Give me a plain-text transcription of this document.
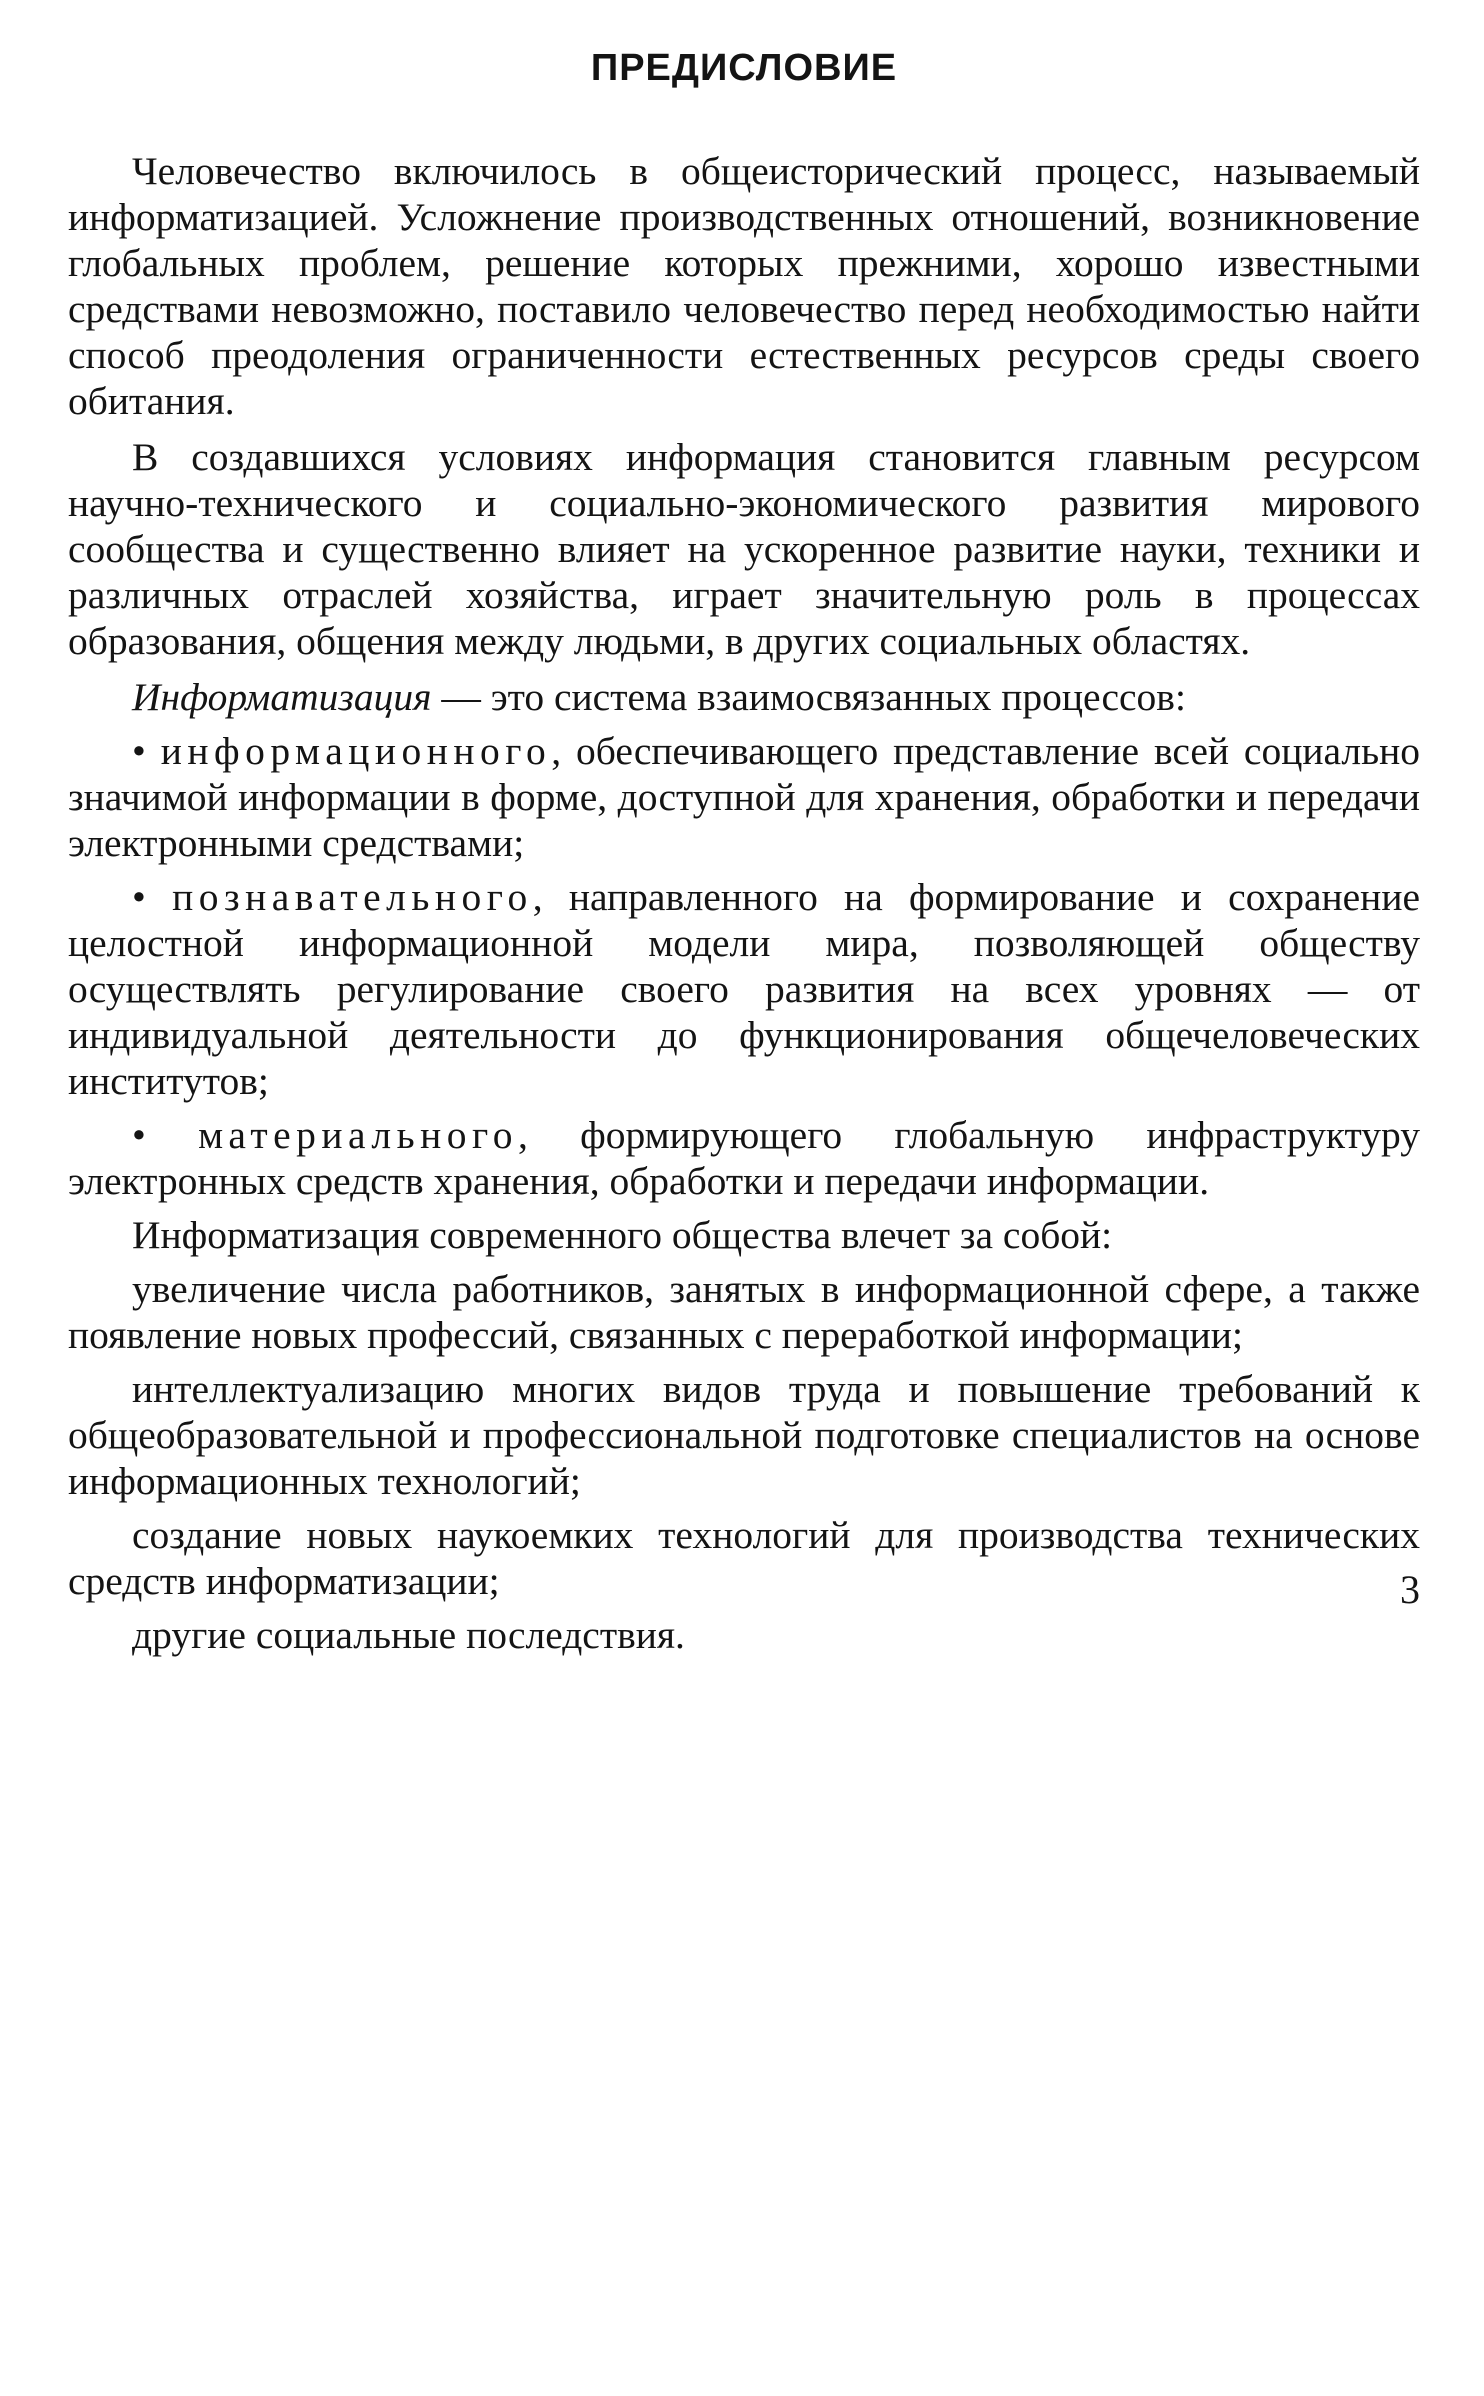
ПРЕДИСЛОВИЕ

Человечество включилось в общеисторический процесс, называемый информатизацией. Усложнение производственных отношений, возникновение глобальных проблем, решение которых прежними, хорошо известными средствами невозможно, поставило человечество перед необходимостью найти способ преодоления ограниченности естественных ресурсов среды своего обитания.

В создавшихся условиях информация становится главным ресурсом научно-технического и социально-экономического развития мирового сообщества и существенно влияет на ускоренное развитие науки, техники и различных отраслей хозяйства, играет значительную роль в процессах образования, общения между людьми, в других социальных областях.

Информатизация — это система взаимосвязанных процессов:

• информационного, обеспечивающего представление всей социально значимой информации в форме, доступной для хранения, обработки и передачи электронными средствами;

• познавательного, направленного на формирование и сохранение целостной информационной модели мира, позволяющей обществу осуществлять регулирование своего развития на всех уровнях — от индивидуальной деятельности до функционирования общечеловеческих институтов;

• материального, формирующего глобальную инфраструктуру электронных средств хранения, обработки и передачи информации.

Информатизация современного общества влечет за собой:

увеличение числа работников, занятых в информационной сфере, а также появление новых профессий, связанных с переработкой информации;

интеллектуализацию многих видов труда и повышение требований к общеобразовательной и профессиональной подготовке специалистов на основе информационных технологий;

создание новых наукоемких технологий для производства технических средств информатизации;

другие социальные последствия.

3
